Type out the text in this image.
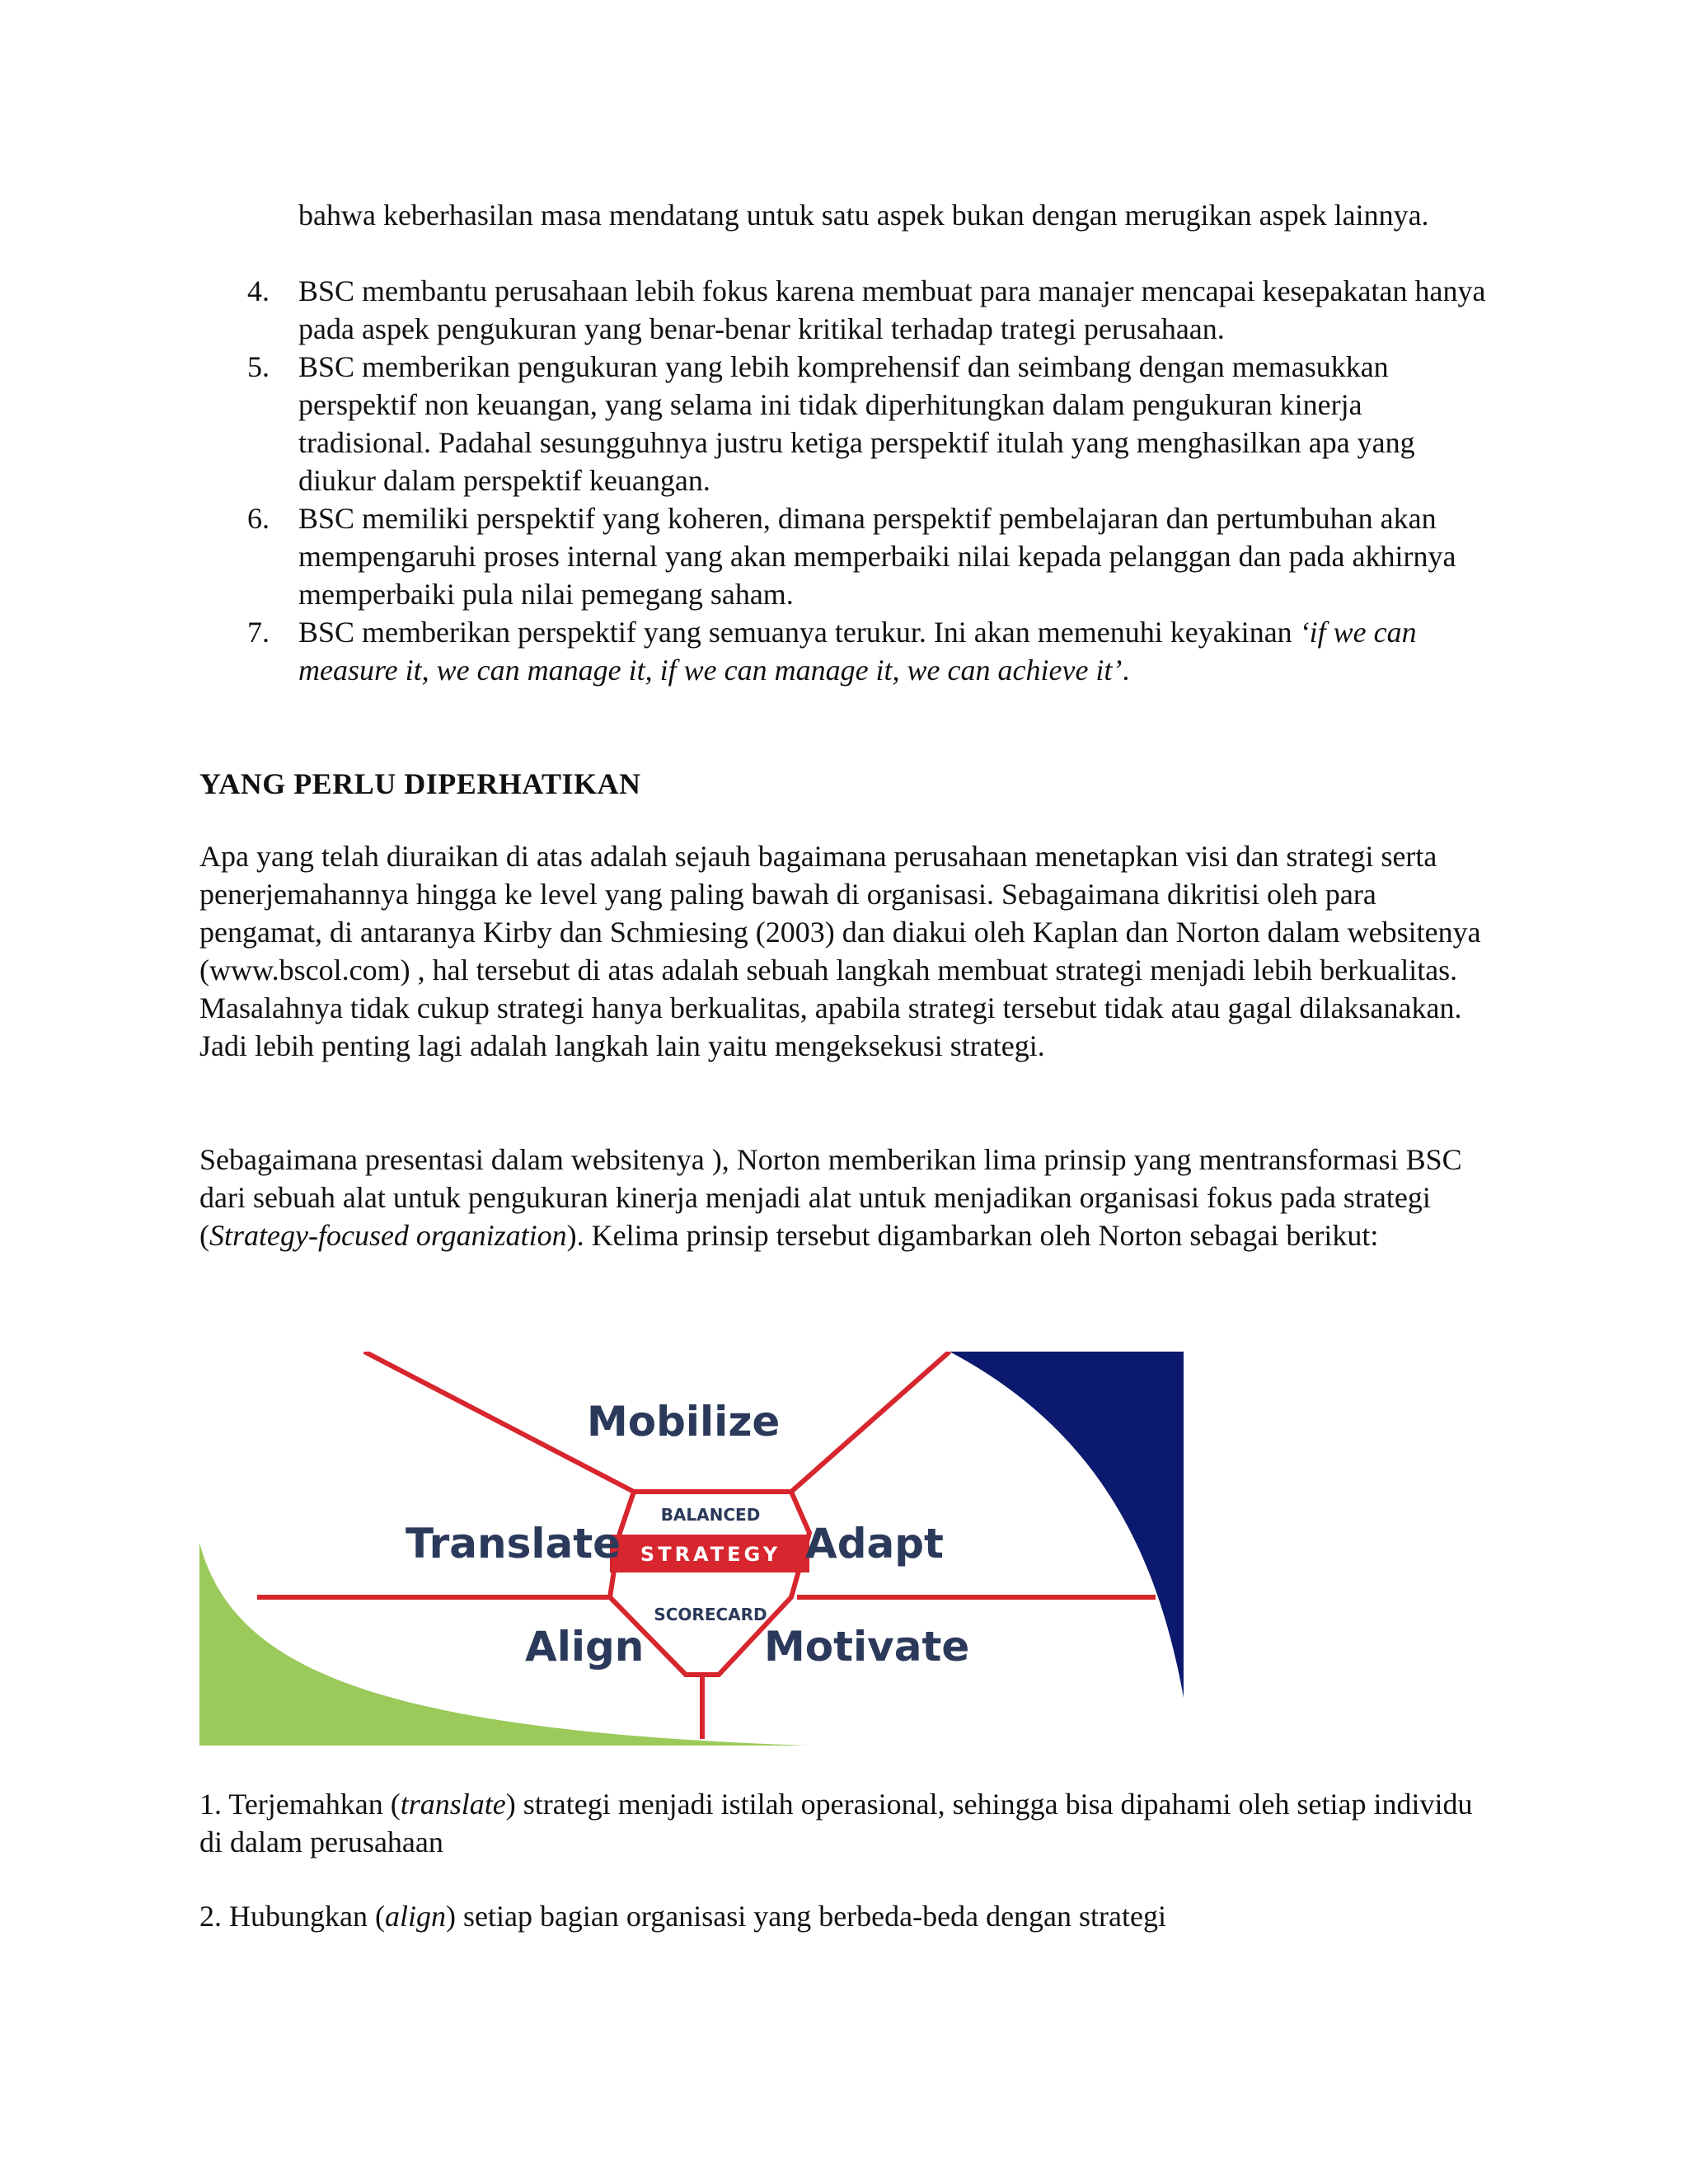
bahwa keberhasilan masa mendatang untuk satu aspek bukan dengan merugikan aspek lainnya.

4. BSC membantu perusahaan lebih fokus karena membuat para manajer mencapai kesepakatan hanya pada aspek pengukuran yang benar-benar kritikal terhadap trategi perusahaan.
5. BSC memberikan pengukuran yang lebih komprehensif dan seimbang dengan memasukkan perspektif non keuangan, yang selama ini tidak diperhitungkan dalam pengukuran kinerja tradisional. Padahal sesungguhnya justru ketiga perspektif itulah yang menghasilkan apa yang diukur dalam perspektif keuangan.
6. BSC memiliki perspektif yang koheren, dimana perspektif pembelajaran dan pertumbuhan akan mempengaruhi proses internal yang akan memperbaiki nilai kepada pelanggan dan pada akhirnya memperbaiki pula nilai pemegang saham.
7. BSC memberikan perspektif yang semuanya terukur. Ini akan memenuhi keyakinan ‘if we can measure it, we can manage it, if we can manage it, we can achieve it’.
YANG PERLU DIPERHATIKAN

Apa yang telah diuraikan di atas adalah sejauh bagaimana perusahaan menetapkan visi dan strategi serta penerjemahannya hingga ke level yang paling bawah di organisasi. Sebagaimana dikritisi oleh para pengamat, di antaranya Kirby dan Schmiesing (2003) dan diakui oleh Kaplan dan Norton dalam websitenya (www.bscol.com) , hal tersebut di atas adalah sebuah langkah membuat strategi menjadi lebih berkualitas. Masalahnya tidak cukup strategi hanya berkualitas, apabila strategi tersebut tidak atau gagal dilaksanakan. Jadi lebih penting lagi adalah langkah lain yaitu mengeksekusi strategi.

Sebagaimana presentasi dalam websitenya ), Norton memberikan lima prinsip yang mentransformasi BSC dari sebuah alat untuk pengukuran kinerja menjadi alat untuk menjadikan organisasi fokus pada strategi (Strategy-focused organization). Kelima prinsip tersebut digambarkan oleh Norton sebagai berikut:

Mobilize
Translate	Adapt
Align	Motivate
BALANCED
STRATEGY
SCORECARD

1. Terjemahkan (translate) strategi menjadi istilah operasional, sehingga bisa dipahami oleh setiap individu di dalam perusahaan

2. Hubungkan (align) setiap bagian organisasi yang berbeda-beda dengan strategi
